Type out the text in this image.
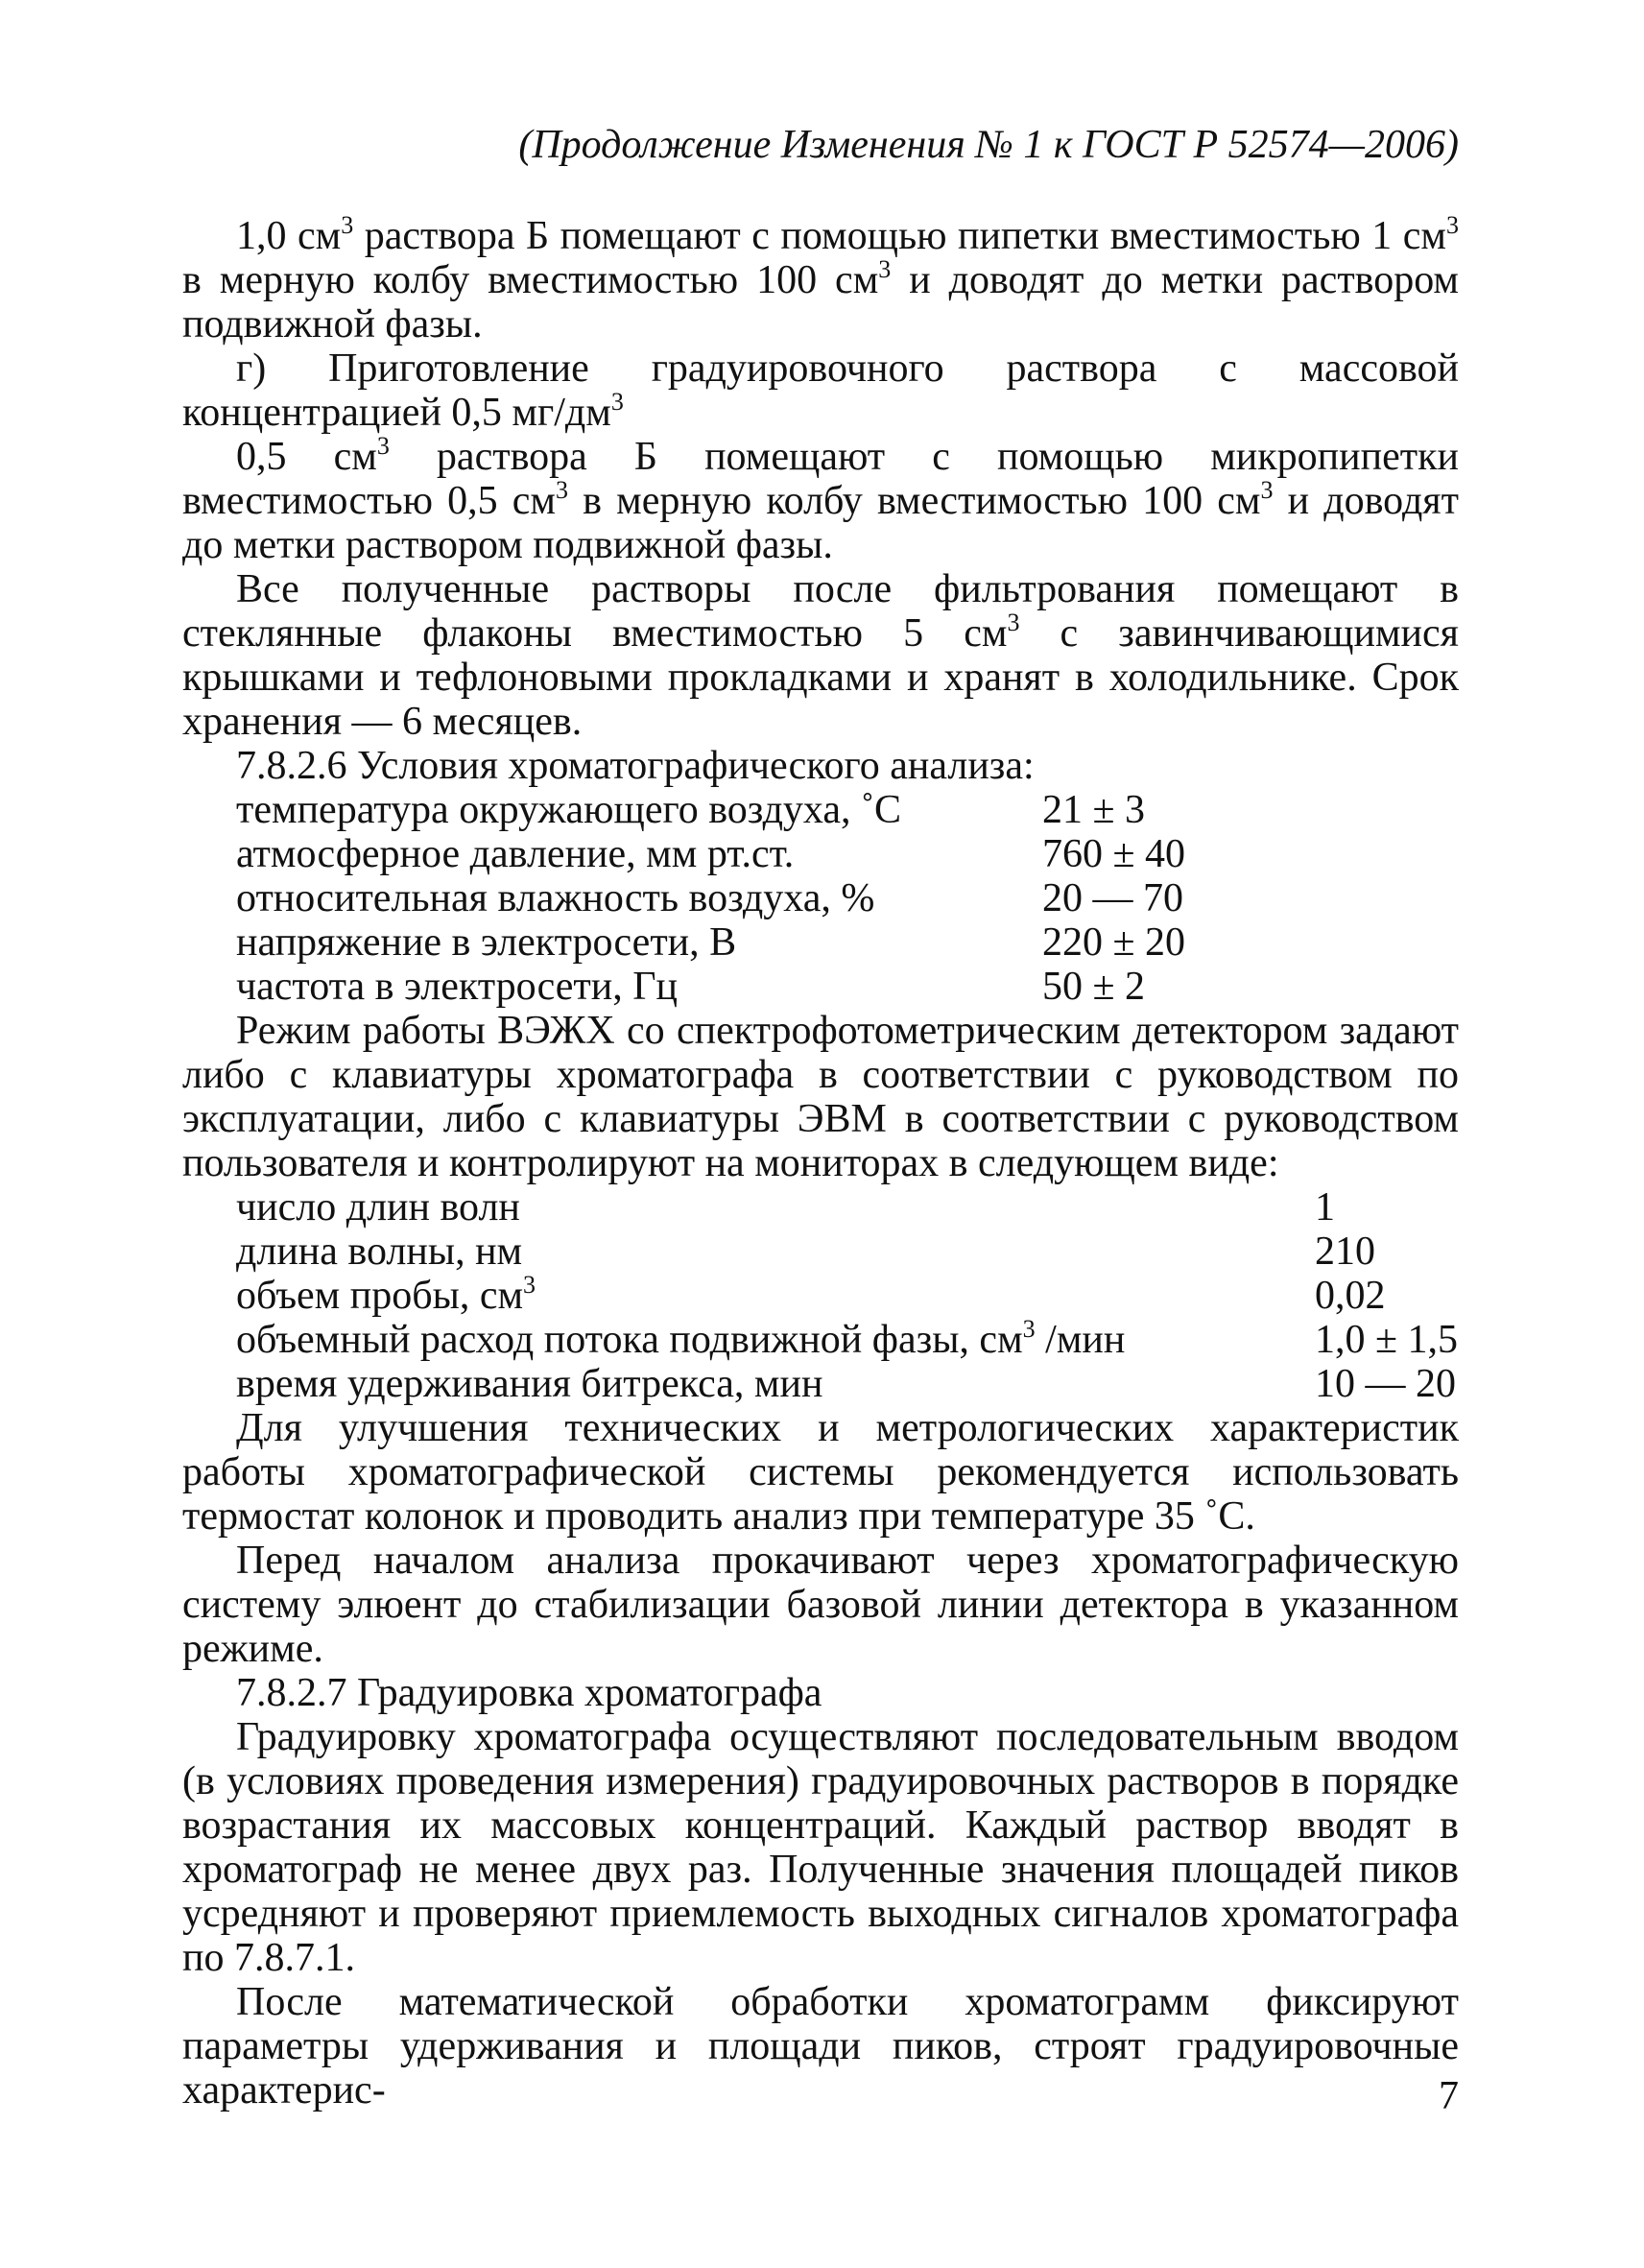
(Продолжение Изменения № 1 к ГОСТ Р 52574—2006)

1,0 $см^3$ раствора Б помещают с помощью пипетки вместимостью 1 $см^3$ в мерную колбу вместимостью 100 $см^3$ и доводят до метки раствором подвижной фазы.

г) Приготовление градуировочного раствора с массовой концентрацией 0,5 $мг/дм^3$

0,5 $см^3$ раствора Б помещают с помощью микропипетки вместимостью 0,5 $см^3$ в мерную колбу вместимостью 100 $см^3$ и доводят до метки раствором подвижной фазы.

Все полученные растворы после фильтрования помещают в стеклянные флаконы вместимостью 5 $см^3$ с завинчивающимися крышками и тефлоновыми прокладками и хранят в холодильнике. Срок хранения — 6 месяцев.

7.8.2.6 Условия хроматографического анализа:

температура окружающего воздуха, ˚С	21 ± 3
атмосферное давление, мм рт.ст.	760 ± 40
относительная влажность воздуха, %	20 — 70
напряжение в электросети, В	220 ± 20
частота в электросети, Гц	50 ± 2

Режим работы ВЭЖХ со спектрофотометрическим детектором задают либо с клавиатуры хроматографа в соответствии с руководством по эксплуатации, либо с клавиатуры ЭВМ в соответствии с руководством пользователя и контролируют на мониторах в следующем виде:

число длин волн	1
длина волны, нм	210
объем пробы, $см^3$	0,02
объемный расход потока подвижной фазы, $см^3$ /мин	1,0 ± 1,5
время удерживания битрекса, мин	10 — 20

Для улучшения технических и метрологических характеристик работы хроматографической системы рекомендуется использовать термостат колонок и проводить анализ при температуре 35 ˚С.

Перед началом анализа прокачивают через хроматографическую систему элюент до стабилизации базовой линии детектора в указанном режиме.

7.8.2.7 Градуировка хроматографа

Градуировку хроматографа осуществляют последовательным вводом (в условиях проведения измерения) градуировочных растворов в порядке возрастания их массовых концентраций. Каждый раствор вводят в хроматограф не менее двух раз. Полученные значения площадей пиков усредняют и проверяют приемлемость выходных сигналов хроматографа по 7.8.7.1.

После математической обработки хроматограмм фиксируют параметры удерживания и площади пиков, строят градуировочные характерис-	7
